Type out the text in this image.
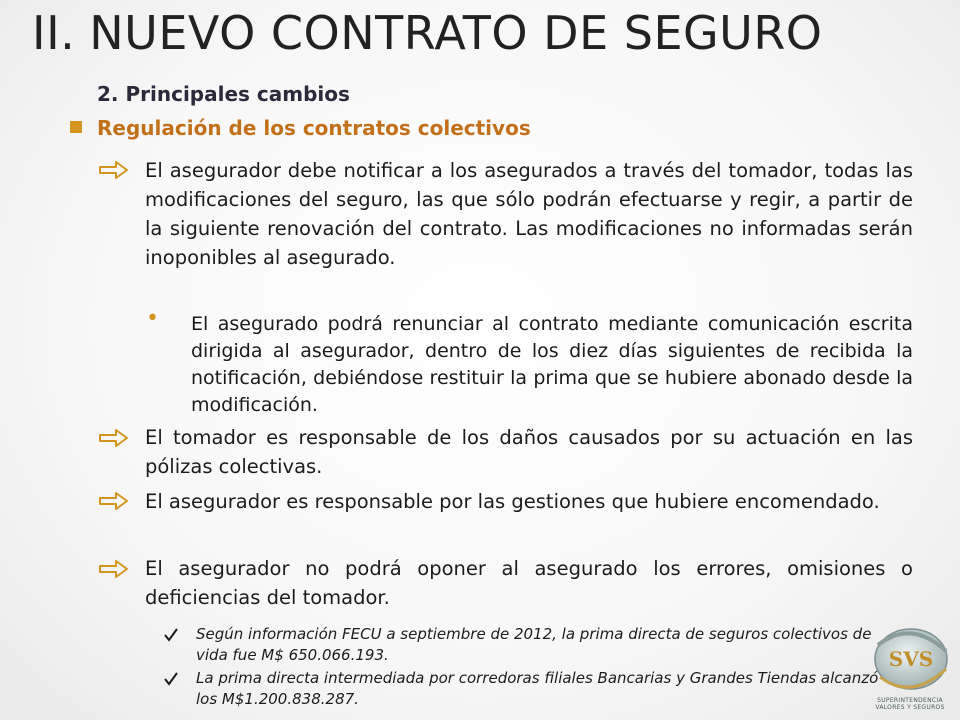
II. NUEVO CONTRATO DE SEGURO
2. Principales cambios
Regulación de los contratos colectivos
El asegurador debe notificar a los asegurados a través del tomador, todas las modificaciones del seguro, las que sólo podrán efectuarse y regir, a partir de la siguiente renovación del contrato. Las modificaciones no informadas serán inoponibles al asegurado.
• El asegurado podrá renunciar al contrato mediante comunicación escrita dirigida al asegurador, dentro de los diez días siguientes de recibida la notificación, debiéndose restituir la prima que se hubiere abonado desde la modificación.
El tomador es responsable de los daños causados por su actuación en las pólizas colectivas.
El asegurador es responsable por las gestiones que hubiere encomendado.
El asegurador no podrá oponer al asegurado los errores, omisiones o deficiencias del tomador.
Según información FECU a septiembre de 2012, la prima directa de seguros colectivos de vida fue M$ 650.066.193.
La prima directa intermediada por corredoras filiales Bancarias y Grandes Tiendas alcanzó los M$1.200.838.287.
SVS
SUPERINTENDENCIA
VALORES Y SEGUROS
